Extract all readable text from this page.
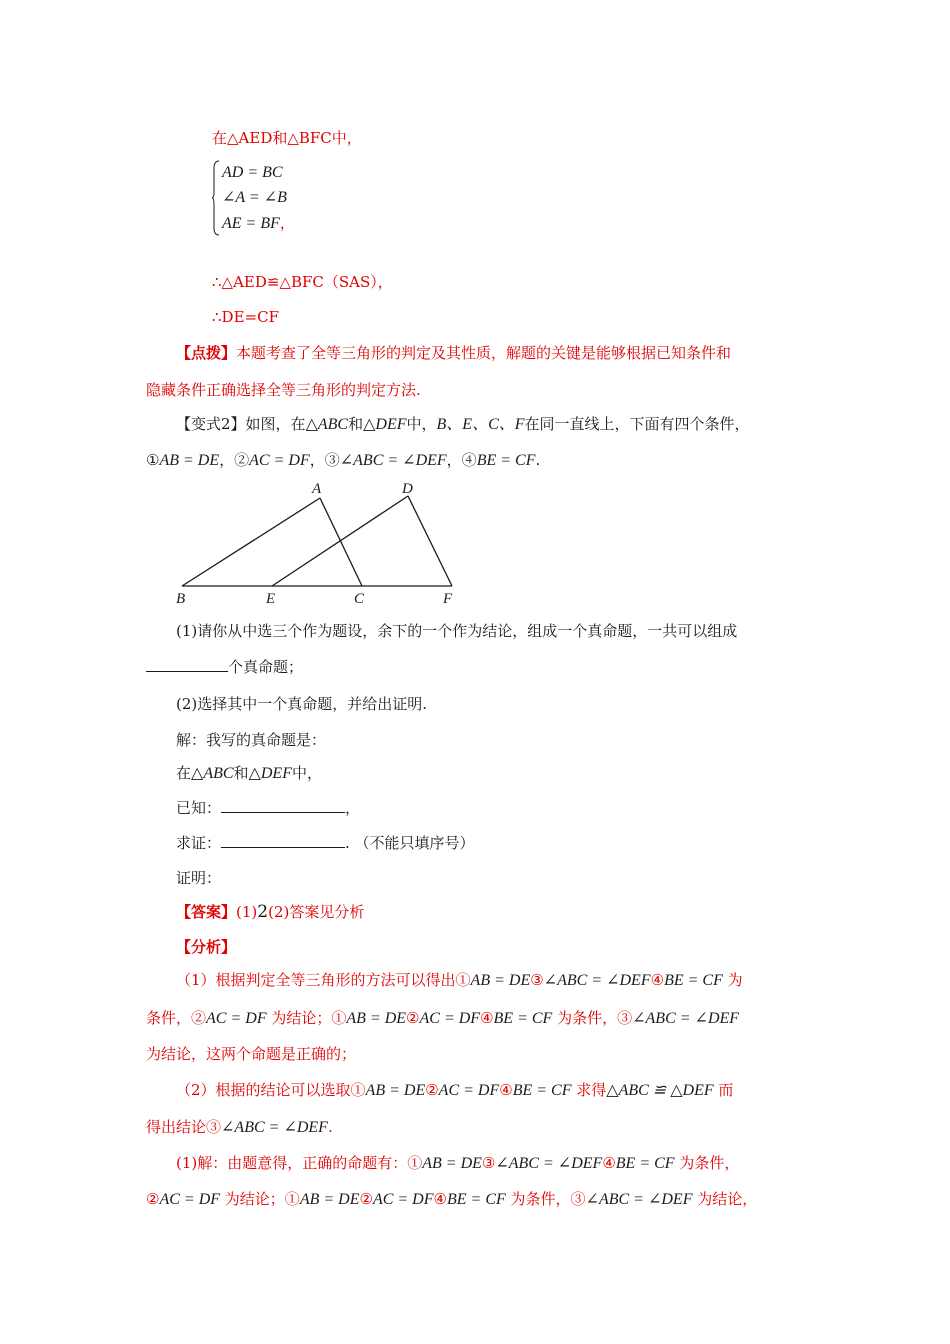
在△AED和△BFC中，
AD = BC
∠A = ∠B
AE = BF，
∴△AED≌△BFC（SAS），
∴DE=CF
【点拨】本题考查了全等三角形的判定及其性质，解题的关键是能够根据已知条件和
隐藏条件正确选择全等三角形的判定方法.
【变式2】如图，在△ABC和△DEF中，B、E、C、F在同一直线上，下面有四个条件，
①AB = DE，②AC = DF，③∠ABC = ∠DEF，④BE = CF.
A	D
B	E	C	F
(1)请你从中选三个作为题设，余下的一个作为结论，组成一个真命题，一共可以组成
个真命题；
(2)选择其中一个真命题，并给出证明.
解：我写的真命题是：
在△ABC和△DEF中，
已知：	，
求证：	. （不能只填序号）
证明：
【答案】(1)2(2)答案见分析
【分析】
（1）根据判定全等三角形的方法可以得出①AB = DE③∠ABC = ∠DEF④BE = CF 为
条件，②AC = DF 为结论；①AB = DE②AC = DF④BE = CF 为条件，③∠ABC = ∠DEF
为结论，这两个命题是正确的；
（2）根据的结论可以选取①AB = DE②AC = DF④BE = CF 求得△ABC ≌ △DEF 而
得出结论③∠ABC = ∠DEF.
(1)解：由题意得，正确的命题有：①AB = DE③∠ABC = ∠DEF④BE = CF 为条件，
②AC = DF 为结论；①AB = DE②AC = DF④BE = CF 为条件，③∠ABC = ∠DEF 为结论，
